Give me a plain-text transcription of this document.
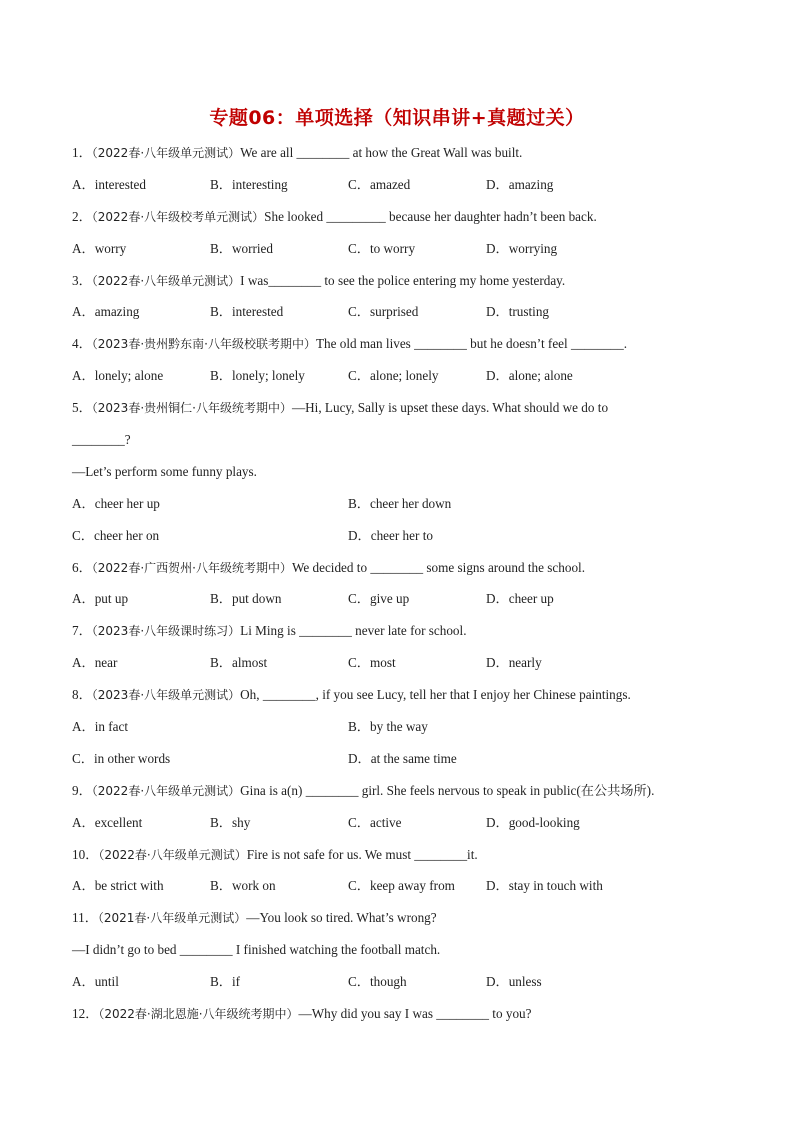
专题06：单项选择（知识串讲+真题过关）
1．（2022春·八年级单元测试）We are all ________ at how the Great Wall was built.
A．interested	B．interesting	C．amazed	D．amazing
2．（2022春·八年级校考单元测试）She looked _________ because her daughter hadn’t been back.
A．worry	B．worried	C．to worry	D．worrying
3．（2022春·八年级单元测试）I was________ to see the police entering my home yesterday.
A．amazing	B．interested	C．surprised	D．trusting
4．（2023春·贵州黔东南·八年级校联考期中）The old man lives ________ but he doesn’t feel ________.
A．lonely; alone	B．lonely; lonely	C．alone; lonely	D．alone; alone
5．（2023春·贵州铜仁·八年级统考期中）—Hi, Lucy, Sally is upset these days. What should we do to
________?
—Let’s perform some funny plays.
A．cheer her up	B．cheer her down
C．cheer her on	D．cheer her to
6．（2022春·广西贺州·八年级统考期中）We decided to ________ some signs around the school.
A．put up	B．put down	C．give up	D．cheer up
7．（2023春·八年级课时练习）Li Ming is ________ never late for school.
A．near	B．almost	C．most	D．nearly
8．（2023春·八年级单元测试）Oh, ________, if you see Lucy, tell her that I enjoy her Chinese paintings.
A．in fact	B．by the way
C．in other words	D．at the same time
9．（2022春·八年级单元测试）Gina is a(n) ________ girl. She feels nervous to speak in public(在公共场所).
A．excellent	B．shy	C．active	D．good-looking
10．（2022春·八年级单元测试）Fire is not safe for us. We must ________it.
A．be strict with	B．work on	C．keep away from D．stay in touch with
11．（2021春·八年级单元测试）—You look so tired. What’s wrong?
—I didn’t go to bed ________ I finished watching the football match.
A．until	B．if	C．though	D．unless
12．（2022春·湖北恩施·八年级统考期中）—Why did you say I was ________ to you?
